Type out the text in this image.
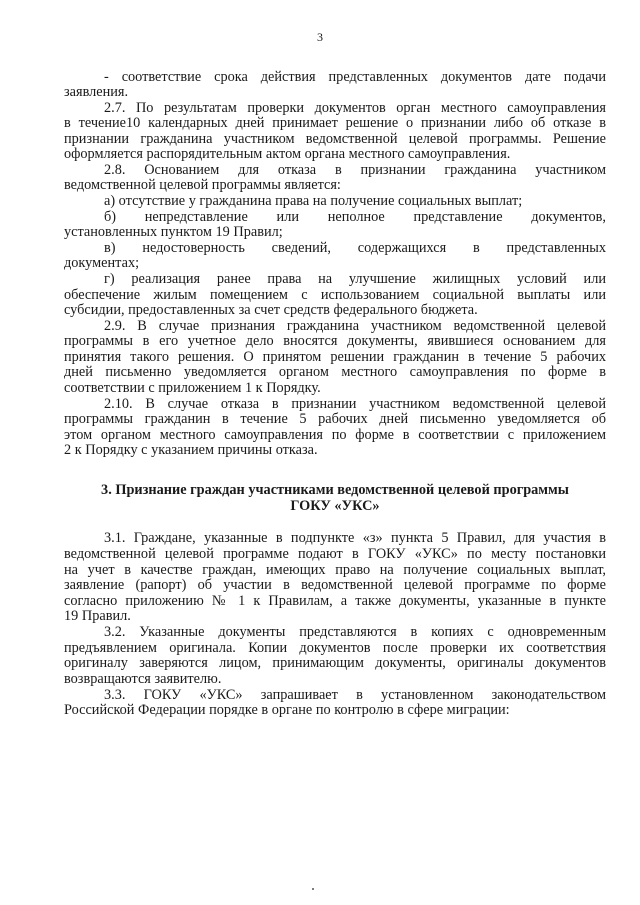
3
- соответствие срока действия представленных документов дате подачи
заявления.
2.7. По результатам проверки документов орган местного самоуправления
в течение10 календарных дней принимает решение о признании либо об отказе в
признании гражданина участником ведомственной целевой программы. Решение
оформляется распорядительным актом органа местного самоуправления.
2.8. Основанием для отказа в признании гражданина участником
ведомственной целевой программы является:
а) отсутствие у гражданина права на получение социальных выплат;
б) непредставление или неполное представление документов,
установленных пунктом 19 Правил;
в) недостоверность сведений, содержащихся в представленных
документах;
г) реализация ранее права на улучшение жилищных условий или
обеспечение жилым помещением с использованием социальной выплаты или
субсидии, предоставленных за счет средств федерального бюджета.
2.9. В случае признания гражданина участником ведомственной целевой
программы в его учетное дело вносятся документы, явившиеся основанием для
принятия такого решения. О принятом решении гражданин в течение 5 рабочих
дней письменно уведомляется органом местного самоуправления по форме в
соответствии с приложением 1 к Порядку.
2.10. В случае отказа в признании участником ведомственной целевой
программы гражданин в течение 5 рабочих дней письменно уведомляется об
этом органом местного самоуправления по форме в соответствии с приложением
2 к Порядку с указанием причины отказа.
3.1. Граждане, указанные в подпункте «з» пункта 5 Правил, для участия в
ведомственной целевой программе подают в ГОКУ «УКС» по месту постановки
на учет в качестве граждан, имеющих право на получение социальных выплат,
заявление (рапорт) об участии в ведомственной целевой программе по форме
согласно приложению № 1 к Правилам, а также документы, указанные в пункте
19 Правил.
3.2. Указанные документы представляются в копиях с одновременным
предъявлением оригинала. Копии документов после проверки их соответствия
оригиналу заверяются лицом, принимающим документы, оригиналы документов
возвращаются заявителю.
3.3. ГОКУ «УКС» запрашивает в установленном законодательством
Российской Федерации порядке в органе по контролю в сфере миграции:
3. Признание граждан участниками ведомственной целевой программы
ГОКУ «УКС»
